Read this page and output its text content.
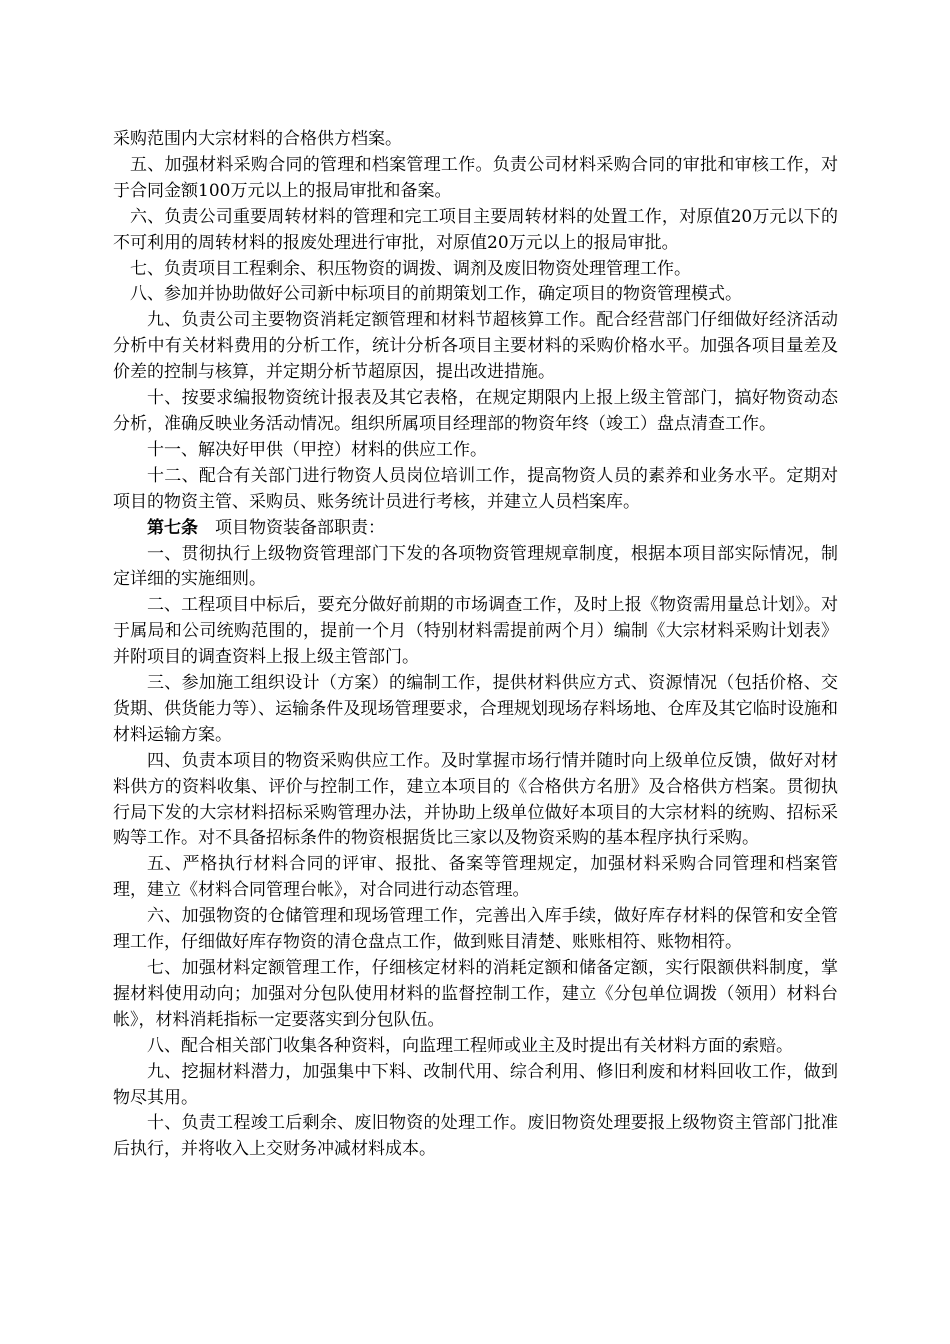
采购范围内大宗材料的合格供方档案。

五、加强材料采购合同的管理和档案管理工作。负责公司材料采购合同的审批和审核工作，对于合同金额100万元以上的报局审批和备案。

六、负责公司重要周转材料的管理和完工项目主要周转材料的处置工作，对原值20万元以下的不可利用的周转材料的报废处理进行审批，对原值20万元以上的报局审批。

七、负责项目工程剩余、积压物资的调拨、调剂及废旧物资处理管理工作。

八、参加并协助做好公司新中标项目的前期策划工作，确定项目的物资管理模式。

九、负责公司主要物资消耗定额管理和材料节超核算工作。配合经营部门仔细做好经济活动分析中有关材料费用的分析工作，统计分析各项目主要材料的采购价格水平。加强各项目量差及价差的控制与核算，并定期分析节超原因，提出改进措施。

十、按要求编报物资统计报表及其它表格，在规定期限内上报上级主管部门，搞好物资动态分析，准确反映业务活动情况。组织所属项目经理部的物资年终（竣工）盘点清查工作。

十一、解决好甲供（甲控）材料的供应工作。

十二、配合有关部门进行物资人员岗位培训工作，提高物资人员的素养和业务水平。定期对项目的物资主管、采购员、账务统计员进行考核，并建立人员档案库。

第七条　项目物资装备部职责：

一、贯彻执行上级物资管理部门下发的各项物资管理规章制度，根据本项目部实际情况，制定详细的实施细则。

二、工程项目中标后，要充分做好前期的市场调查工作，及时上报《物资需用量总计划》。对于属局和公司统购范围的，提前一个月（特别材料需提前两个月）编制《大宗材料采购计划表》并附项目的调查资料上报上级主管部门。

三、参加施工组织设计（方案）的编制工作，提供材料供应方式、资源情况（包括价格、交货期、供货能力等）、运输条件及现场管理要求，合理规划现场存料场地、仓库及其它临时设施和材料运输方案。

四、负责本项目的物资采购供应工作。及时掌握市场行情并随时向上级单位反馈，做好对材料供方的资料收集、评价与控制工作，建立本项目的《合格供方名册》及合格供方档案。贯彻执行局下发的大宗材料招标采购管理办法，并协助上级单位做好本项目的大宗材料的统购、招标采购等工作。对不具备招标条件的物资根据货比三家以及物资采购的基本程序执行采购。

五、严格执行材料合同的评审、报批、备案等管理规定，加强材料采购合同管理和档案管理，建立《材料合同管理台帐》，对合同进行动态管理。

六、加强物资的仓储管理和现场管理工作，完善出入库手续，做好库存材料的保管和安全管理工作，仔细做好库存物资的清仓盘点工作，做到账目清楚、账账相符、账物相符。

七、加强材料定额管理工作，仔细核定材料的消耗定额和储备定额，实行限额供料制度，掌握材料使用动向；加强对分包队使用材料的监督控制工作，建立《分包单位调拨（领用）材料台帐》，材料消耗指标一定要落实到分包队伍。

八、配合相关部门收集各种资料，向监理工程师或业主及时提出有关材料方面的索赔。

九、挖掘材料潜力，加强集中下料、改制代用、综合利用、修旧利废和材料回收工作，做到物尽其用。

十、负责工程竣工后剩余、废旧物资的处理工作。废旧物资处理要报上级物资主管部门批准后执行，并将收入上交财务冲减材料成本。
